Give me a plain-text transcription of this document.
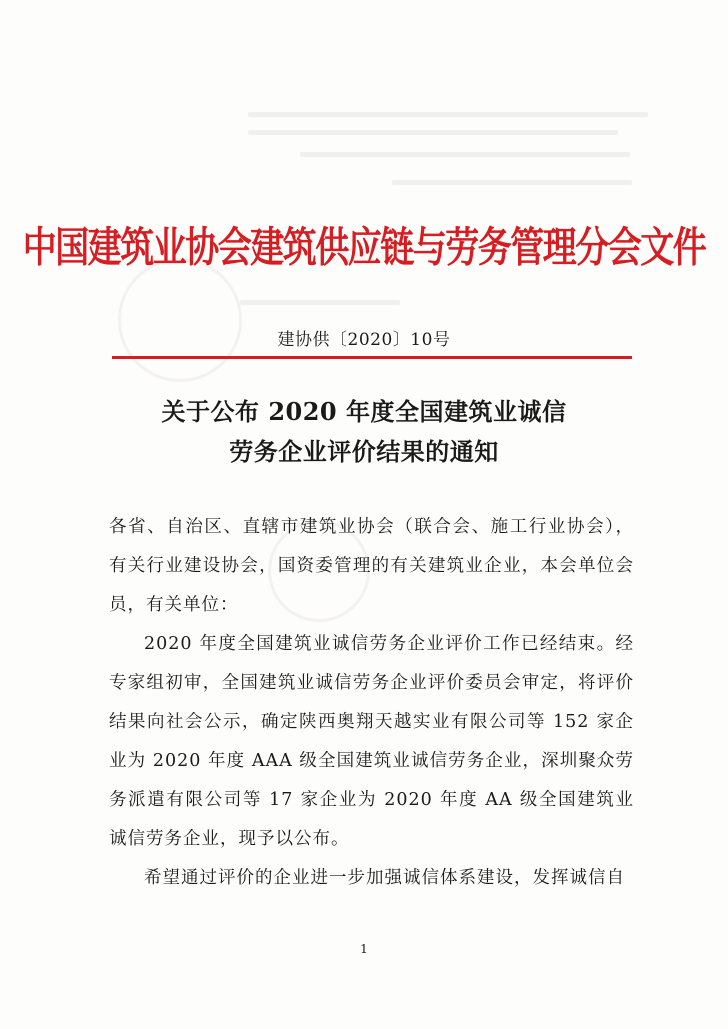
中国建筑业协会建筑供应链与劳务管理分会文件
建协供〔2020〕10号
关于公布 2020 年度全国建筑业诚信
劳务企业评价结果的通知

各省、自治区、直辖市建筑业协会（联合会、施工行业协会），有关行业建设协会，国资委管理的有关建筑业企业，本会单位会员，有关单位：

2020 年度全国建筑业诚信劳务企业评价工作已经结束。经专家组初审，全国建筑业诚信劳务企业评价委员会审定，将评价结果向社会公示，确定陕西奥翔天越实业有限公司等 152 家企业为 2020 年度 AAA 级全国建筑业诚信劳务企业，深圳聚众劳务派遣有限公司等 17 家企业为 2020 年度 AA 级全国建筑业诚信劳务企业，现予以公布。

希望通过评价的企业进一步加强诚信体系建设，发挥诚信自

1
